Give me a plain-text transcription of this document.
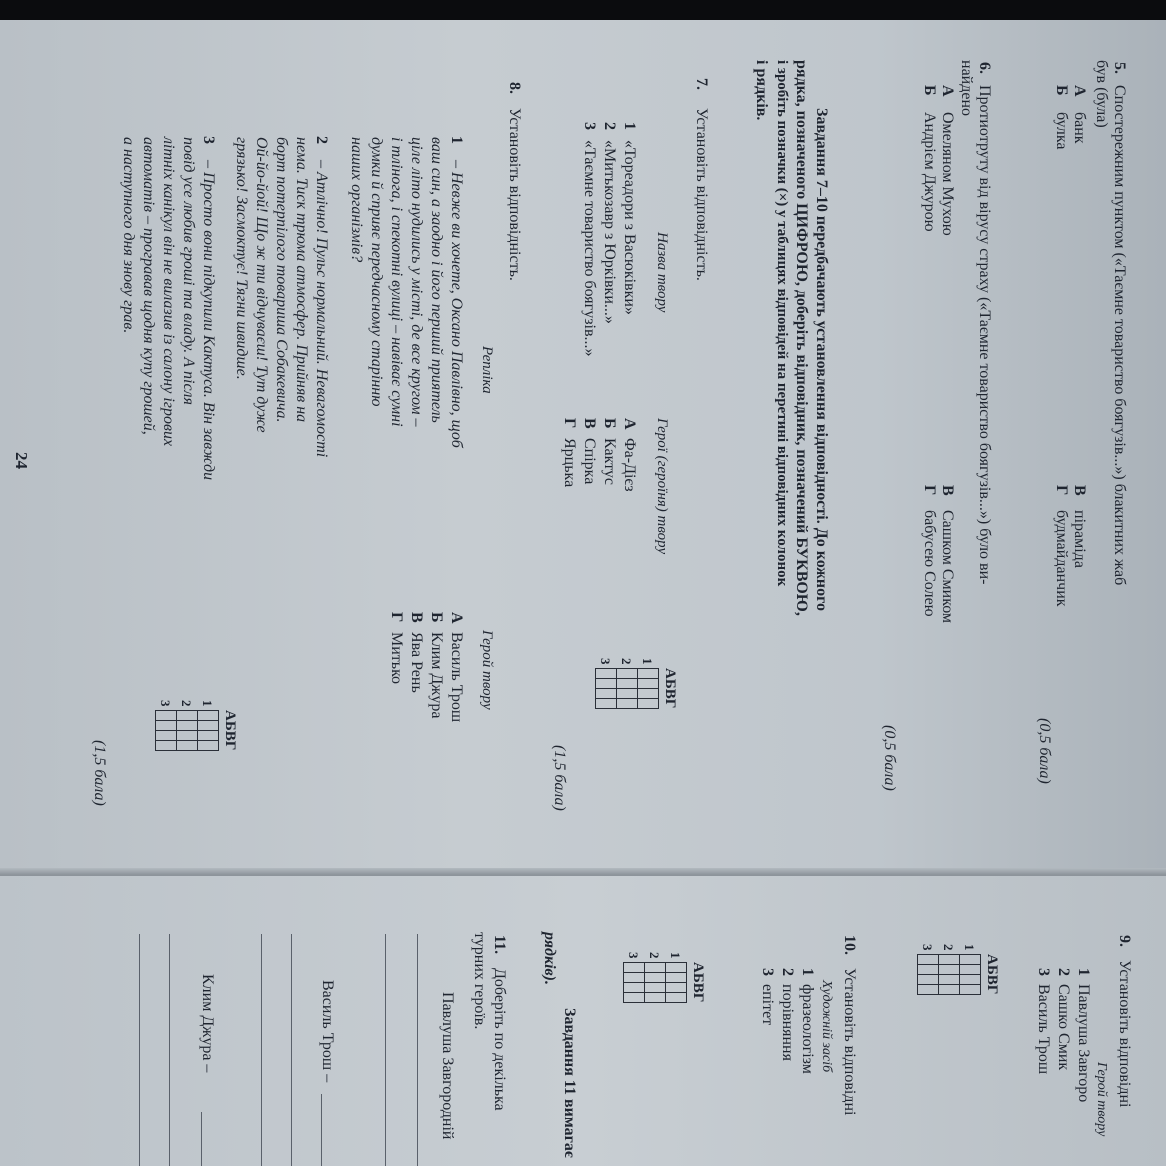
5.
Спостережним пунктом («Таємне товариство боягузів...») блакитних жаб
був (була)
А
банк
Б
булка
В
піраміда
Г
будмайданчик
(0,5 бала)
6.
Протиотруту від вірусу страху («Таємне товариство боягузів...») було ви-
найдено
А
Омеляном Мухою
Б
Андрієм Джурою
В
Сашком Смиком
Г
бабусею Солею
(0,5 бала)
Завдання 7–10 передбачають установлення відповідності. До кожного
рядка, позначеного ЦИФРОЮ, доберіть відповідник, позначений БУКВОЮ,
і зробіть позначки (×) у таблицях відповідей на перетині відповідних колонок
і рядків.
7.
Установіть відповідність.
Назва твору
Герої (героїня) твору
1
«Тореадори з Васюківки»
2
«Митькозавр з Юрківки...»
3
«Таємне товариство боягузів...»
А
Фа-Дієз
Б
Кактус
В
Спірка
Г
Ярцька
	А	Б	В	Г
1				
2				
3				
(1,5 бала)
8.
Установіть відповідність.
Репліка
Герой твору
1
– Невже ви хочете, Оксано Павлівно, щоб
ваш син, а заодно і його перший приятель
ціле літо нудились у місті, де все кругом –
і тлінога, і спекотні вулиці – навіває сумні
думки й сприяє передчасному старінню
наших організмів?
2
– Атлічно! Пульс нормальний. Невагомості
нема. Тиск трюма атмосфер. Прийняв на
борт потерпілого товариша Собакевича.
Ой-йо-йой! Що ж ти відчуваєш! Тут дуже
грязько! Засмоктує! Тягни швидше.
3
– Просто вони підкупили Кактуса. Він завжди
повід усе любив гроші та владу. А після
літніх канікул він не вилазив із салону ігрових
автоматів – програвав щодня купу грошей,
а наступного дня знову грав.
А
Василь Трош
Б
Клим Джура
В
Ява Рень
Г
Митько
	А	Б	В	Г
1				
2				
3				
(1,5 бала)
24
9.
Установіть відповідні
Герой твору
1
Павлуша Завгоро
2
Сашко Смик
3
Василь Трош
	А	Б	В	Г
1				
2				
3				
10.
Установіть відповідні
Художній засіб
1
фразеологізм
2
порівняння
3
епітет
	А	Б	В	Г
1				
2				
3				
Завдання 11 вимагає
рядків).
11.
Доберіть по декілька
турних героїв.
Павлуша Завгородній
Василь Трош –
Клим Джура –
